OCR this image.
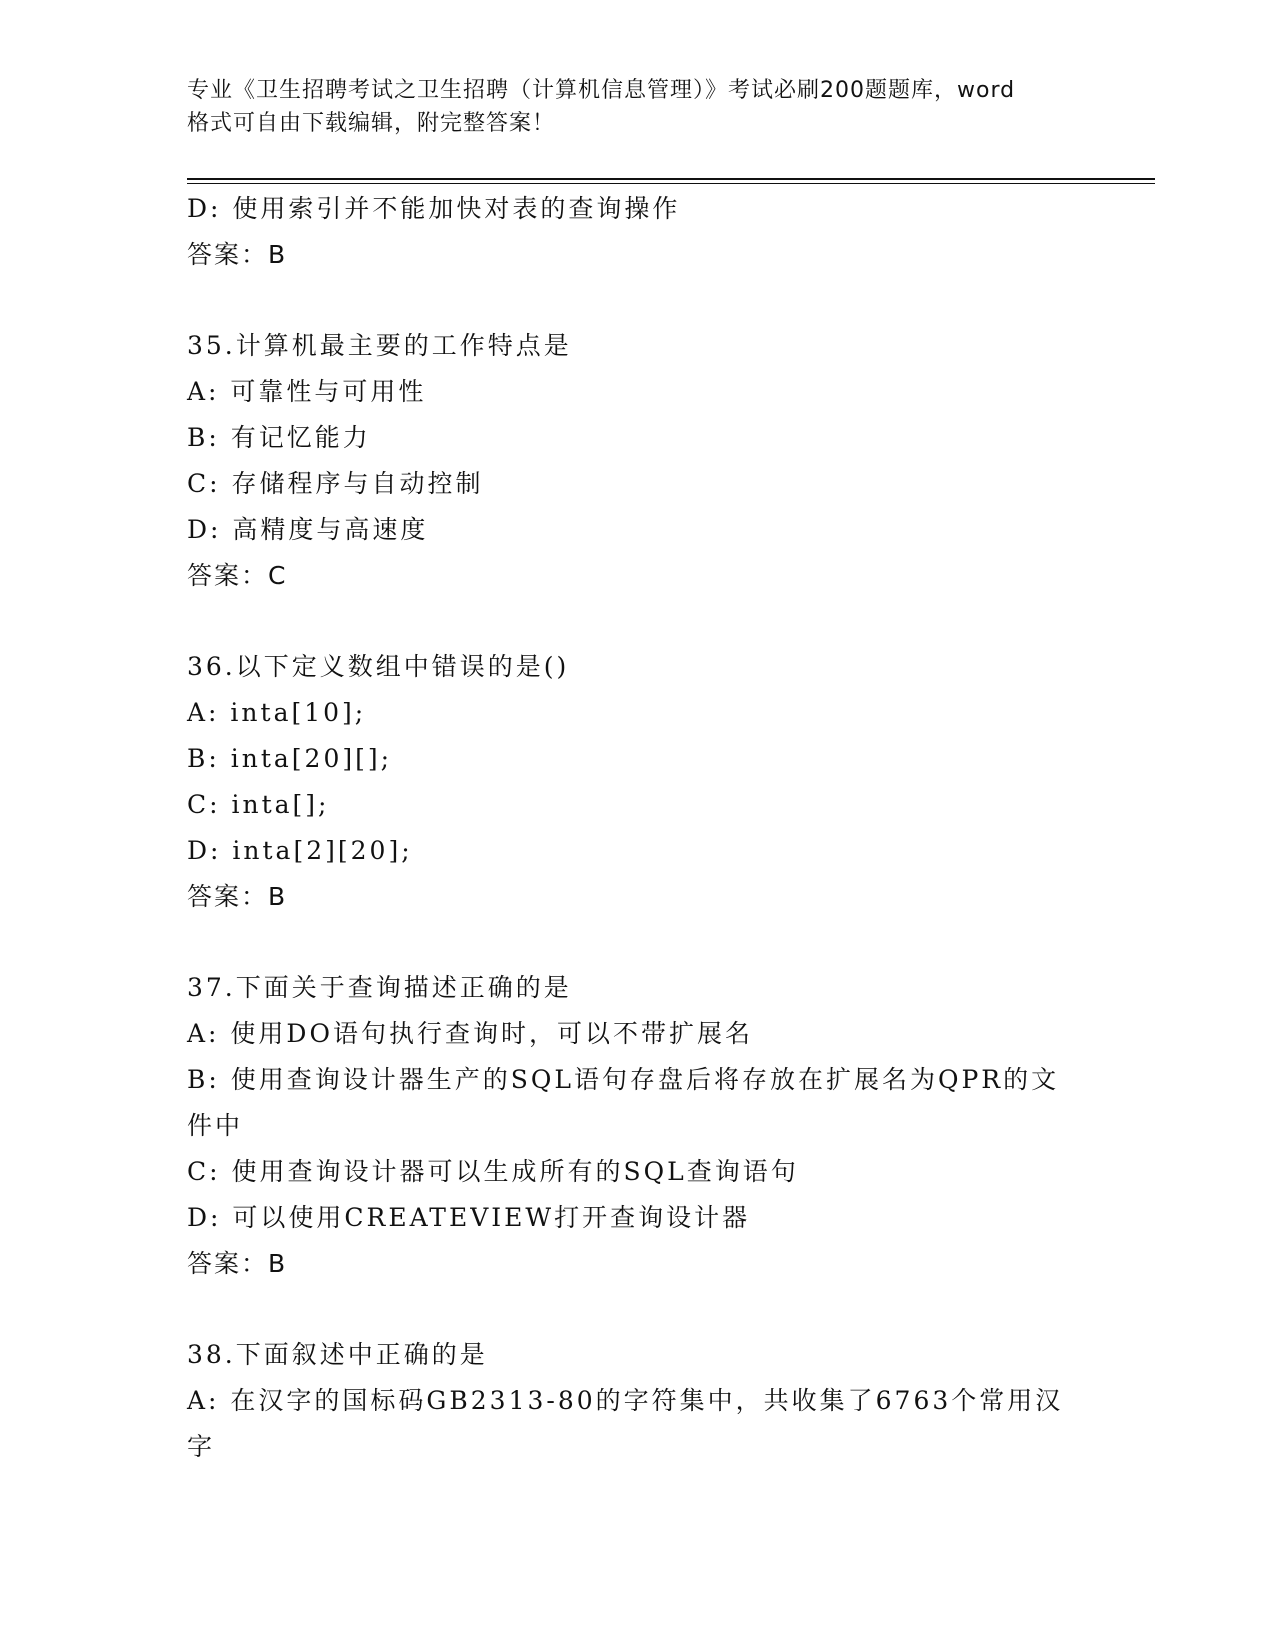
专业《卫生招聘考试之卫生招聘（计算机信息管理）》考试必刷200题题库，word
格式可自由下载编辑，附完整答案！
D: 使用索引并不能加快对表的查询操作
答案：B
35.计算机最主要的工作特点是
A: 可靠性与可用性
B: 有记忆能力
C: 存储程序与自动控制
D: 高精度与高速度
答案：C
36.以下定义数组中错误的是()
A: inta[10];
B: inta[20][];
C: inta[];
D: inta[2][20];
答案：B
37.下面关于查询描述正确的是
A: 使用DO语句执行查询时，可以不带扩展名
B: 使用查询设计器生产的SQL语句存盘后将存放在扩展名为QPR的文件中
C: 使用查询设计器可以生成所有的SQL查询语句
D: 可以使用CREATEVIEW打开查询设计器
答案：B
38.下面叙述中正确的是
A: 在汉字的国标码GB2313-80的字符集中，共收集了6763个常用汉字
